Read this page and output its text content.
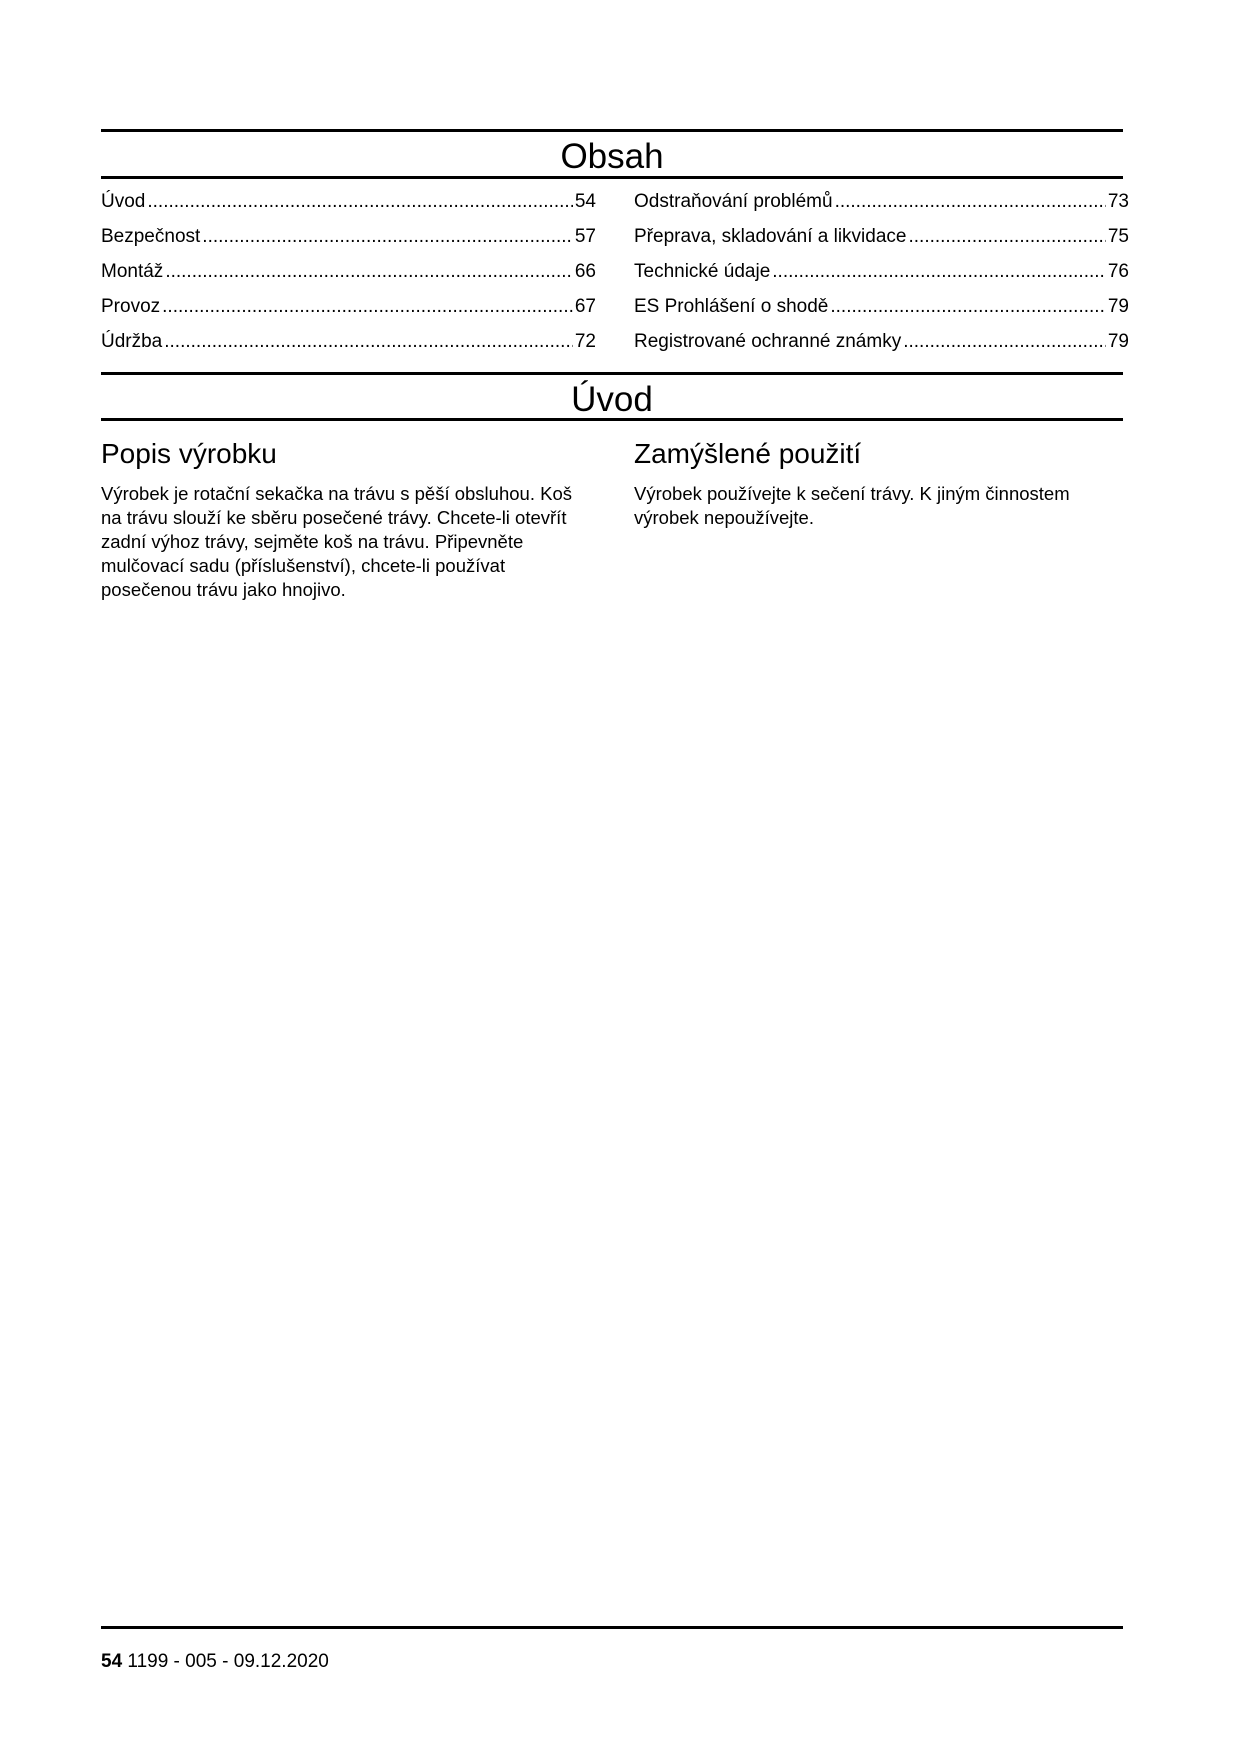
Obsah
Úvod .....	54
Bezpečnost .....	57
Montáž .....	66
Provoz .....	67
Údržba .....	72
Odstraňování problémů .....	73
Přeprava, skladování a likvidace .....	75
Technické údaje .....	76
ES Prohlášení o shodě .....	79
Registrované ochranné známky .....	79
Úvod
Popis výrobku

Výrobek je rotační sekačka na trávu s pěší obsluhou. Koš na trávu slouží ke sběru posečené trávy. Chcete-li otevřít zadní výhoz trávy, sejměte koš na trávu. Připevněte mulčovací sadu (příslušenství), chcete-li používat posečenou trávu jako hnojivo.

Zamýšlené použití

Výrobek používejte k sečení trávy. K jiným činnostem výrobek nepoužívejte.

54 1199 - 005 - 09.12.2020
